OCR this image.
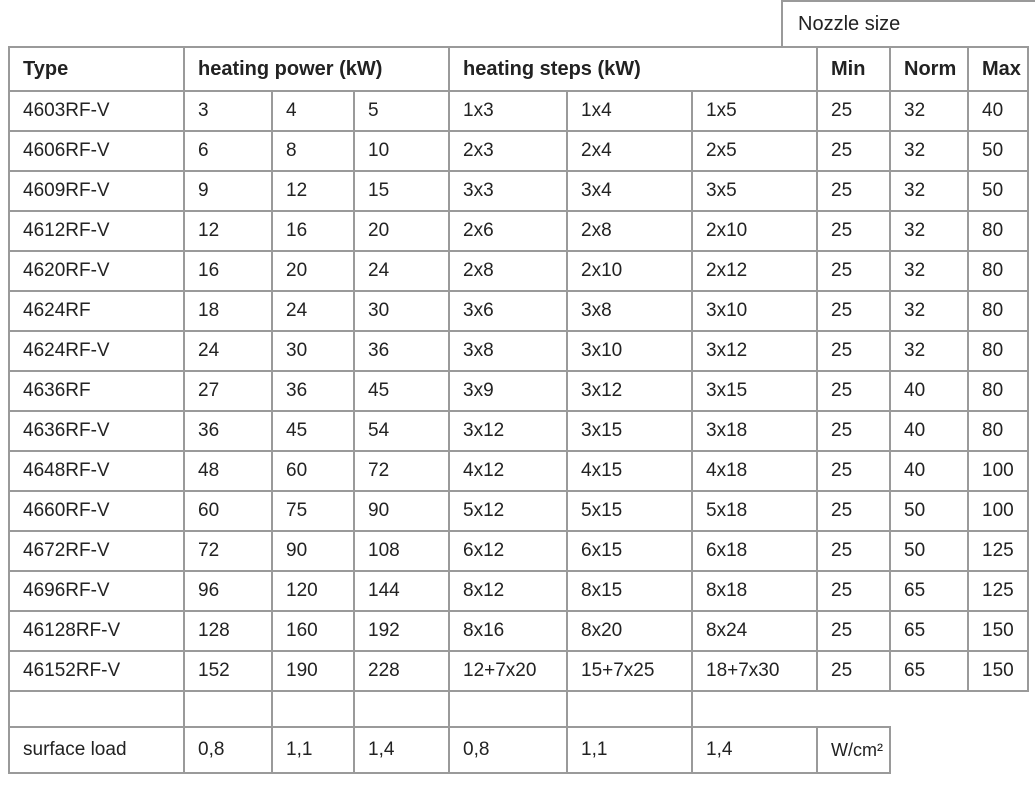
Nozzle size
Type	heating power (kW)			heating steps (kW)			Min	Norm	Max
4603RF-V	3	4	5	1x3	1x4	1x5	25	32	40
4606RF-V	6	8	10	2x3	2x4	2x5	25	32	50
4609RF-V	9	12	15	3x3	3x4	3x5	25	32	50
4612RF-V	12	16	20	2x6	2x8	2x10	25	32	80
4620RF-V	16	20	24	2x8	2x10	2x12	25	32	80
4624RF	18	24	30	3x6	3x8	3x10	25	32	80
4624RF-V	24	30	36	3x8	3x10	3x12	25	32	80
4636RF	27	36	45	3x9	3x12	3x15	25	40	80
4636RF-V	36	45	54	3x12	3x15	3x18	25	40	80
4648RF-V	48	60	72	4x12	4x15	4x18	25	40	100
4660RF-V	60	75	90	5x12	5x15	5x18	25	50	100
4672RF-V	72	90	108	6x12	6x15	6x18	25	50	125
4696RF-V	96	120	144	8x12	8x15	8x18	25	65	125
46128RF-V	128	160	192	8x16	8x20	8x24	25	65	150
46152RF-V	152	190	228	12+7x20	15+7x25	18+7x30	25	65	150

surface load	0,8	1,1	1,4	0,8	1,1	1,4	W/cm²		
